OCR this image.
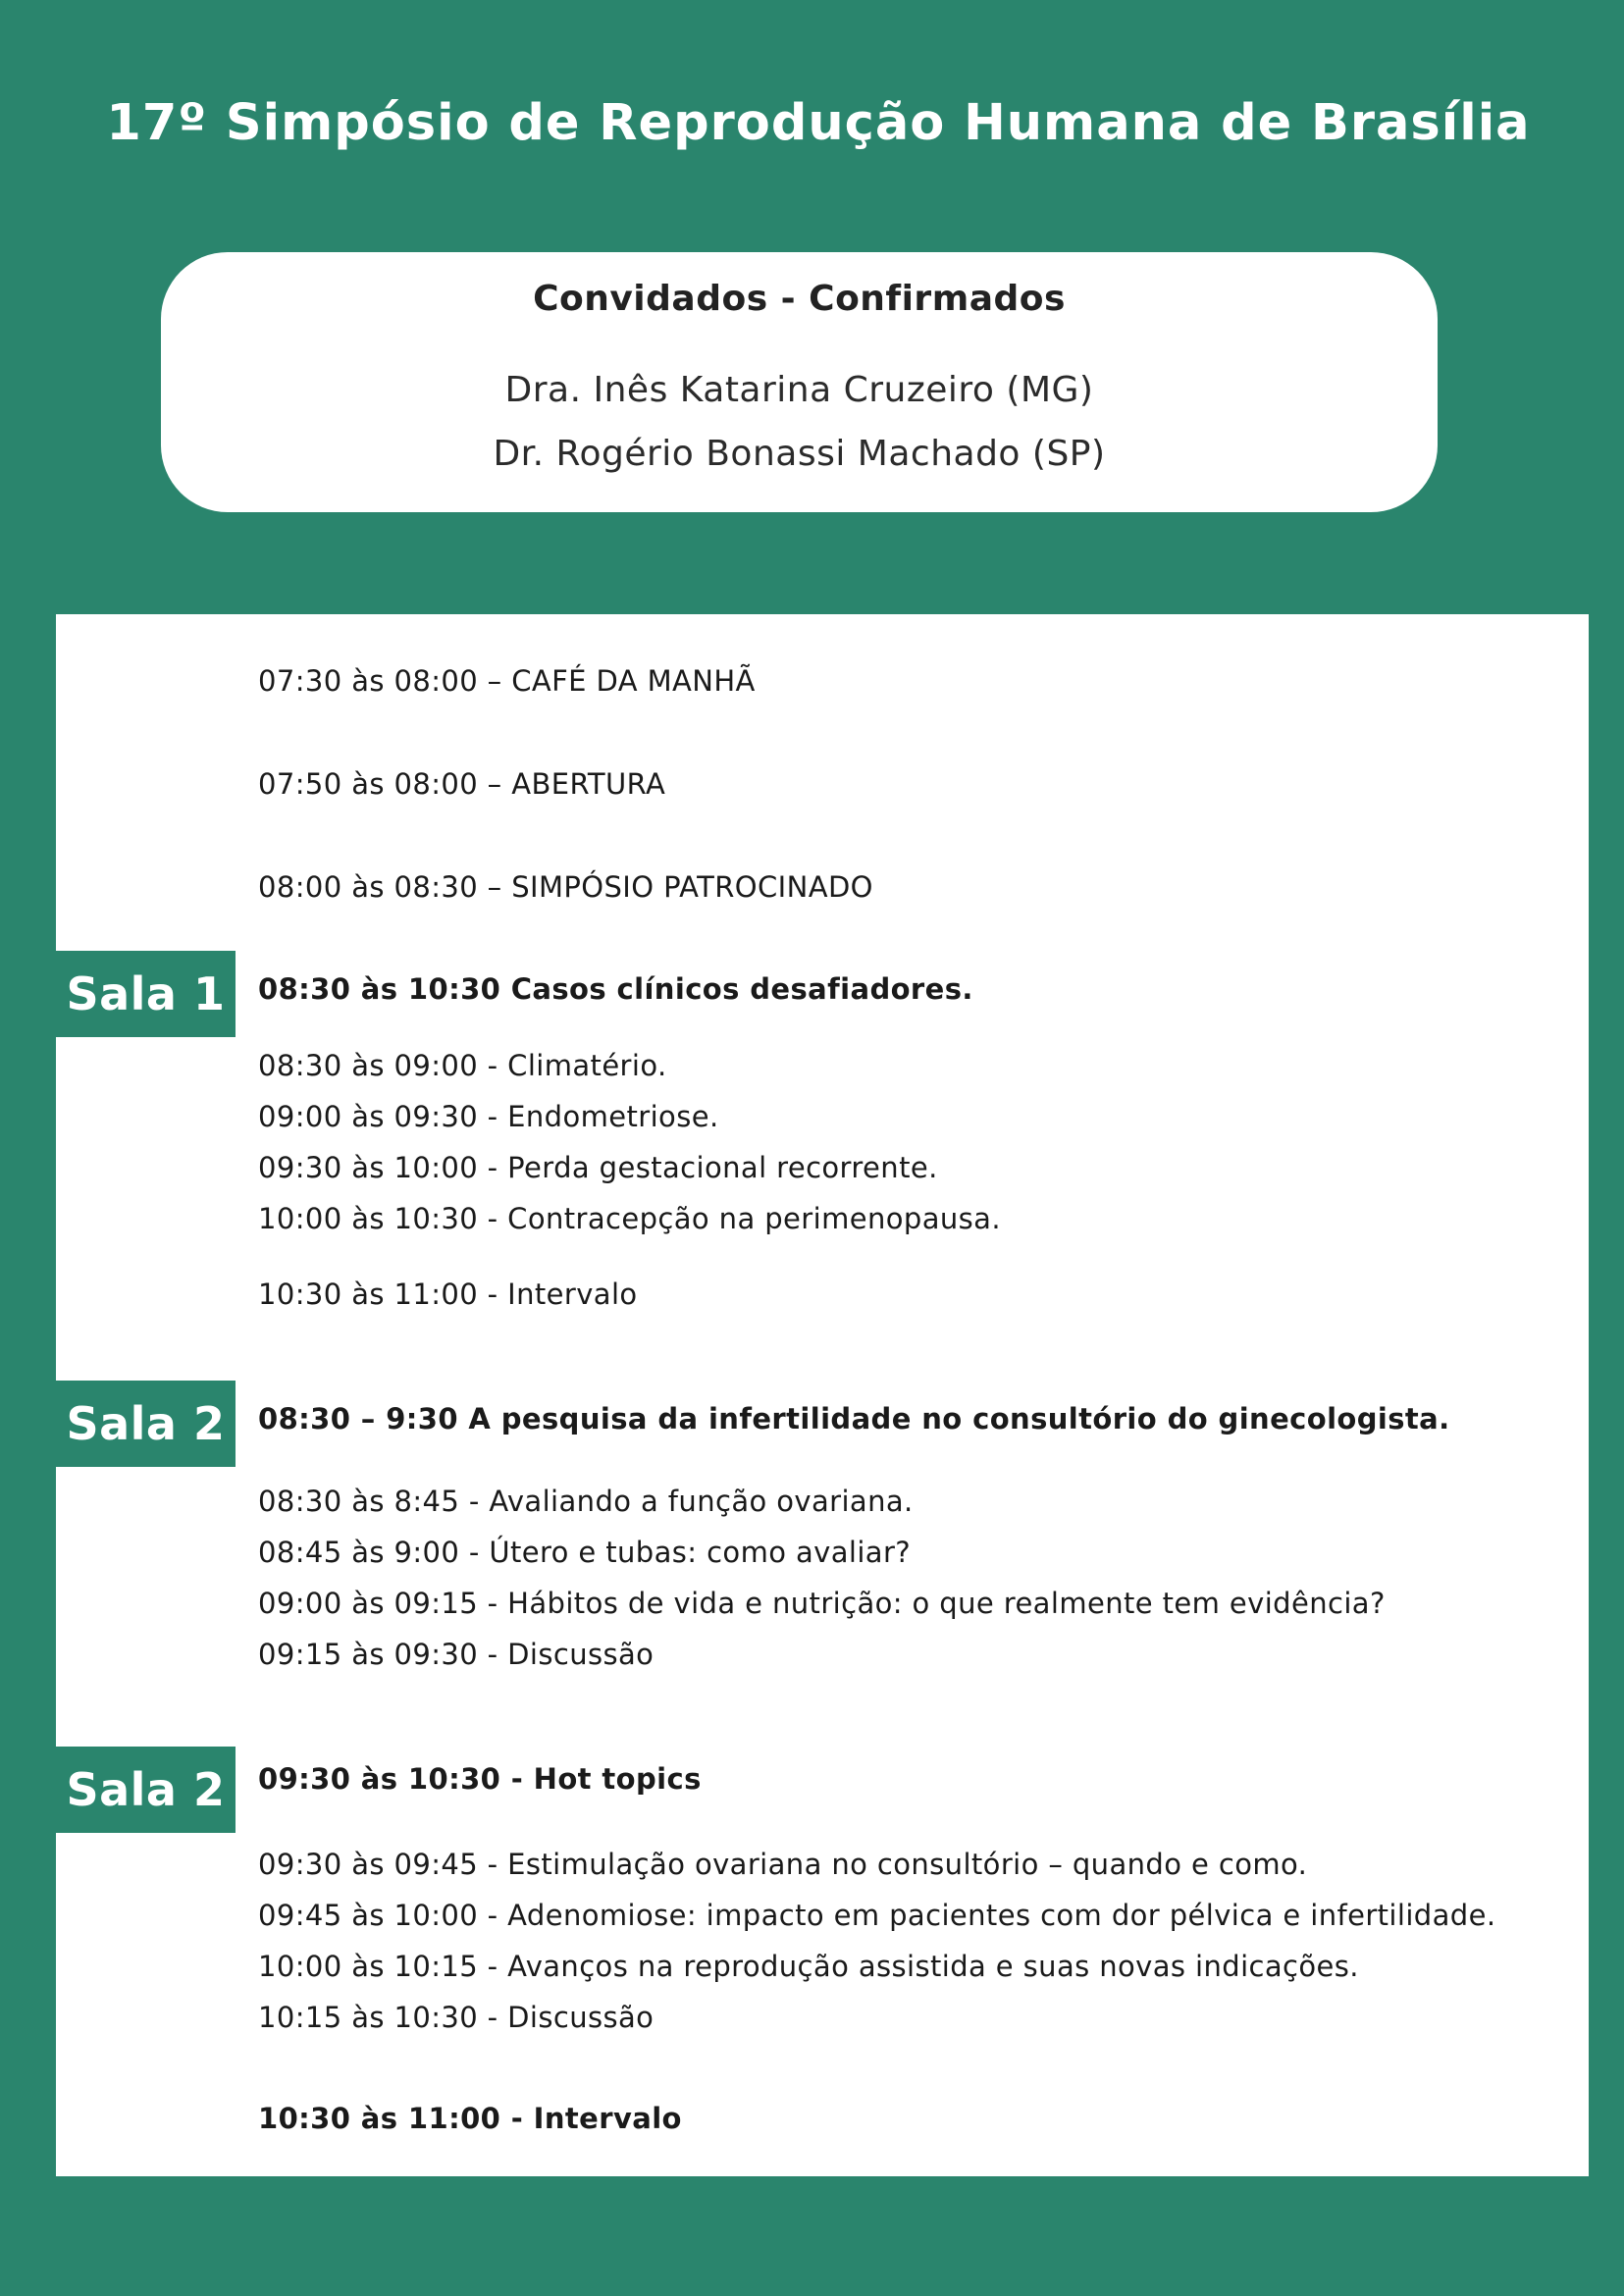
17º Simpósio de Reprodução Humana de Brasília
Convidados - Confirmados
Dra. Inês Katarina Cruzeiro (MG)
Dr. Rogério Bonassi Machado (SP)
07:30 às 08:00 – CAFÉ DA MANHÃ
07:50 às 08:00 – ABERTURA
08:00 às 08:30 – SIMPÓSIO PATROCINADO
Sala 1	08:30 às 10:30 Casos clínicos desafiadores.
08:30 às 09:00 - Climatério.
09:00 às 09:30 - Endometriose.
09:30 às 10:00 - Perda gestacional recorrente.
10:00 às 10:30 - Contracepção na perimenopausa.
10:30 às 11:00 - Intervalo
Sala 2	08:30 – 9:30 A pesquisa da infertilidade no consultório do ginecologista.
08:30 às 8:45 - Avaliando a função ovariana.
08:45 às 9:00 - Útero e tubas: como avaliar?
09:00 às 09:15 - Hábitos de vida e nutrição: o que realmente tem evidência?
09:15 às 09:30 - Discussão
Sala 2	09:30 às 10:30 - Hot topics
09:30 às 09:45 - Estimulação ovariana no consultório – quando e como.
09:45 às 10:00 - Adenomiose: impacto em pacientes com dor pélvica e infertilidade.
10:00 às 10:15 - Avanços na reprodução assistida e suas novas indicações.
10:15 às 10:30 - Discussão
10:30 às 11:00 - Intervalo
